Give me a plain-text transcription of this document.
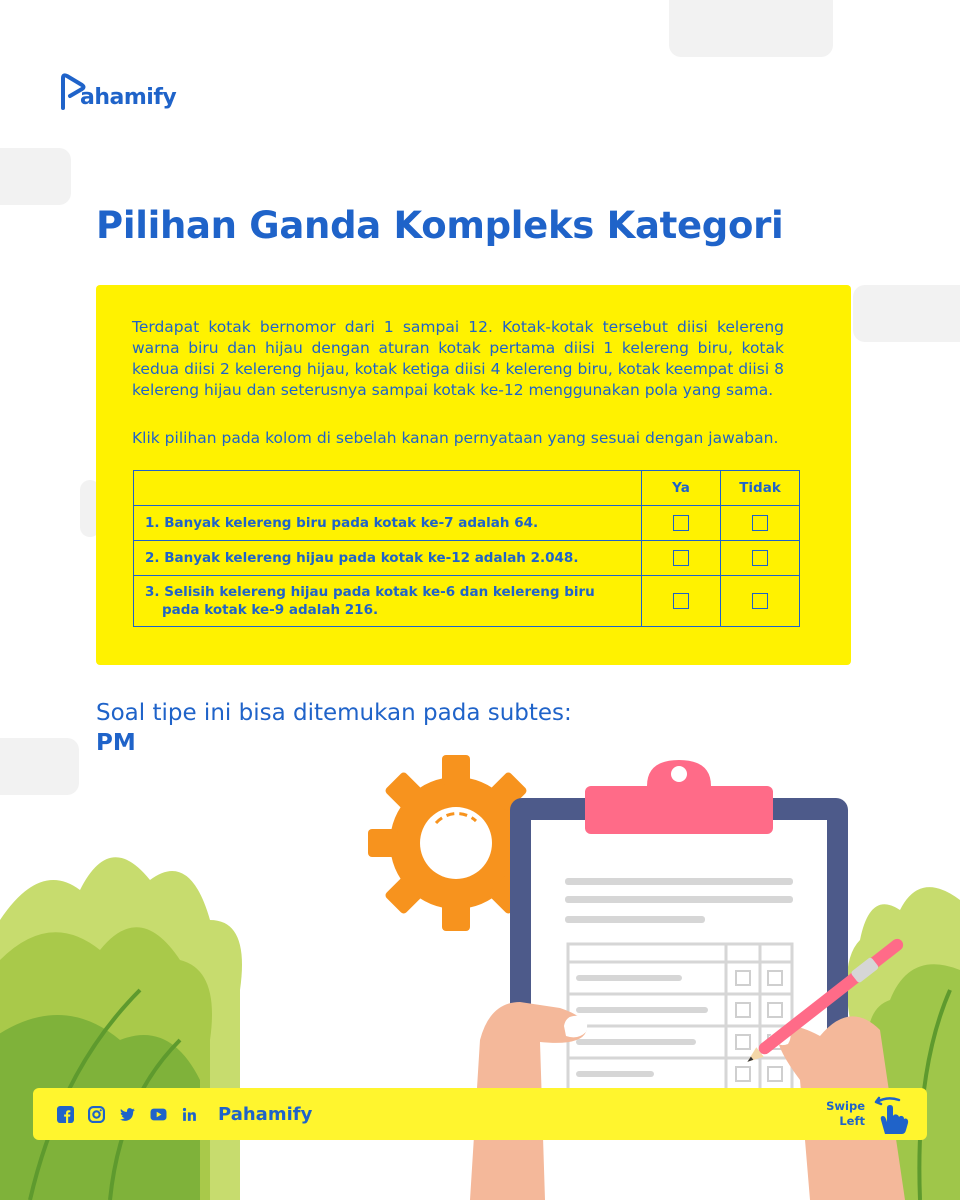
ahamify
Pilihan Ganda Kompleks Kategori

Terdapat kotak bernomor dari 1 sampai 12. Kotak-kotak tersebut diisi kelereng warna biru dan hijau dengan aturan kotak pertama diisi 1 kelereng biru, kotak kedua diisi 2 kelereng hijau, kotak ketiga diisi 4 kelereng biru, kotak keempat diisi 8 kelereng hijau dan seterusnya sampai kotak ke-12 menggunakan pola yang sama.

Klik pilihan pada kolom di sebelah kanan pernyataan yang sesuai dengan jawaban.

	Ya	Tidak
1. Banyak kelereng biru pada kotak ke-7 adalah 64.		
2. Banyak kelereng hijau pada kotak ke-12 adalah 2.048.		
3. Selisih kelereng hijau pada kotak ke-6 dan kelereng biru pada kotak ke-9 adalah 216.		
Soal tipe ini bisa ditemukan pada subtes:
PM
Pahamify	Swipe
Left
